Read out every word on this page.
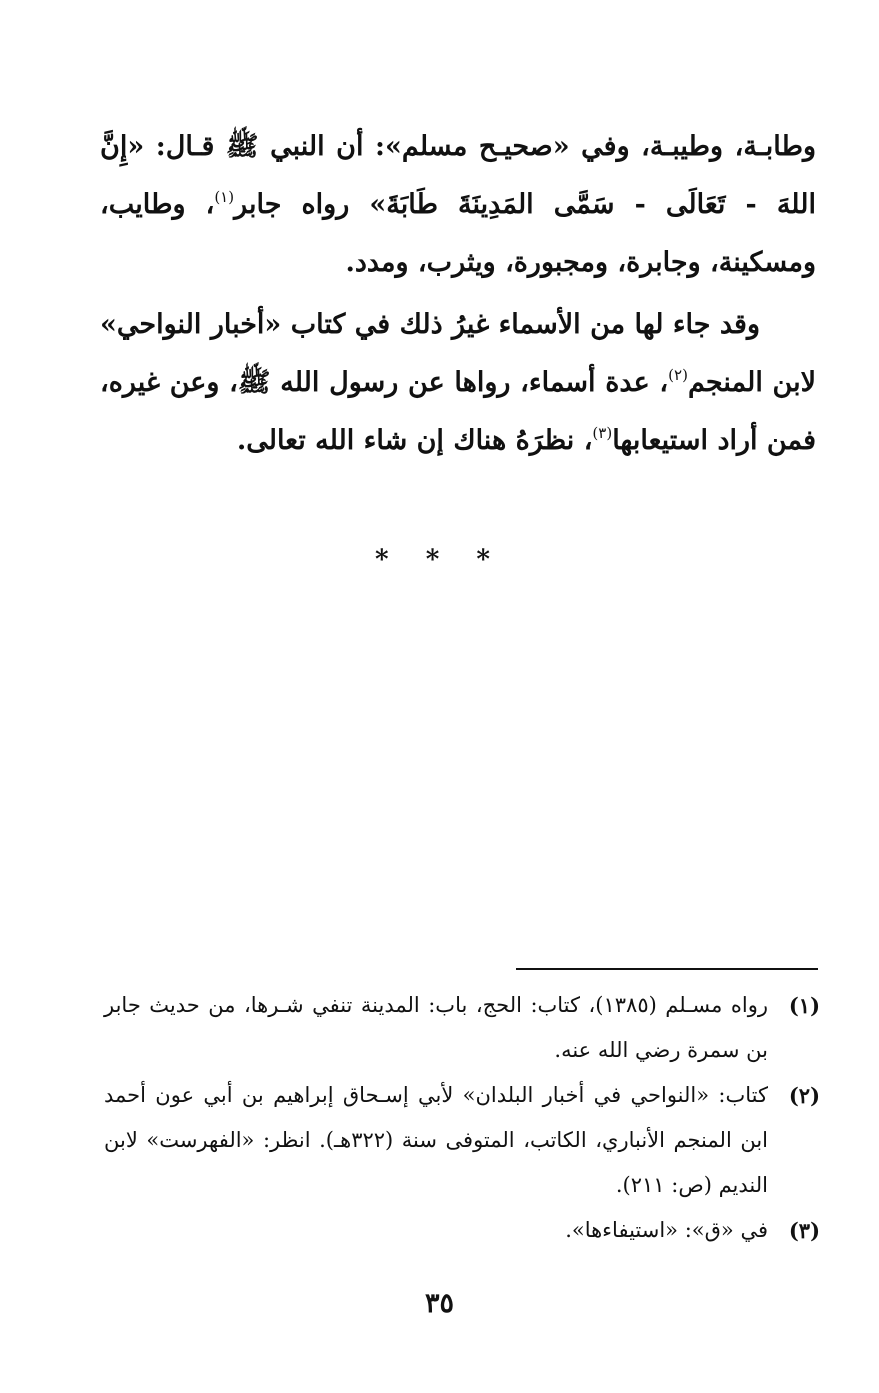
وطابـة، وطيبـة، وفي «صحيـح مسلم»: أن النبي ﷺ قـال: «إِنَّ اللهَ - تَعَالَى - سَمَّى المَدِينَةَ طَابَةَ» رواه جابر$^{(١)}$، وطايب، ومسكينة، وجابرة، ومجبورة، ويثرب، ومدد.

وقد جاء لها من الأسماء غيرُ ذلك في كتاب «أخبار النواحي» لابن المنجم$^{(٢)}$، عدة أسماء، رواها عن رسول الله ﷺ، وعن غيره، فمن أراد استيعابها$^{(٣)}$، نظرَهُ هناك إن شاء الله تعالى.

* * *
(١)
رواه مسـلم (١٣٨٥)، كتاب: الحج، باب: المدينة تنفي شـرها، من حديث جابر بن سمرة رضي الله عنه.
(٢)
كتاب: «النواحي في أخبار البلدان» لأبي إسـحاق إبراهيم بن أبي عون أحمد ابن المنجم الأنباري، الكاتب، المتوفى سنة (٣٢٢هـ). انظر: «الفهرست» لابن النديم (ص: ٢١١).
(٣)
في «ق»: «استيفاءها».
٣٥
